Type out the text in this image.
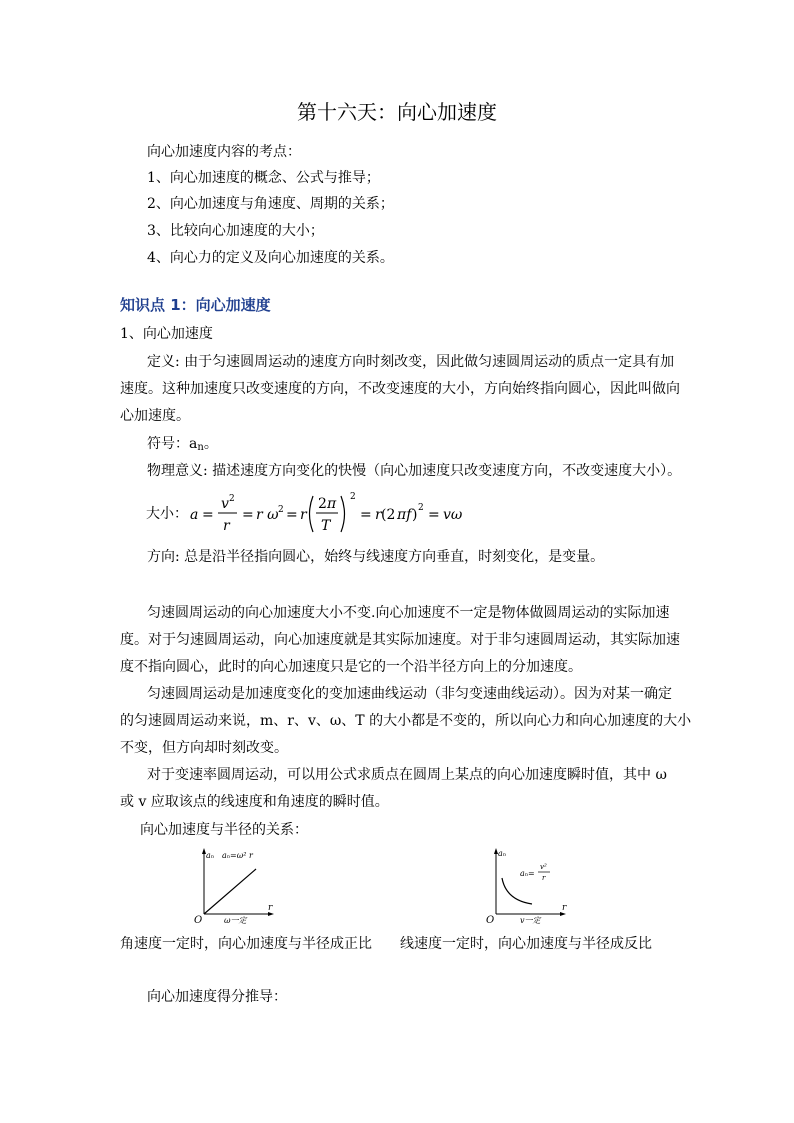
第十六天：向心加速度
向心加速度内容的考点：
1、向心加速度的概念、公式与推导；
2、向心加速度与角速度、周期的关系；
3、比较向心加速度的大小；
4、向心力的定义及向心加速度的关系。
知识点 1：向心加速度
1、向心加速度
定义: 由于匀速圆周运动的速度方向时刻改变，因此做匀速圆周运动的质点一定具有加
速度。这种加速度只改变速度的方向，不改变速度的大小，方向始终指向圆心，因此叫做向
心加速度。
符号：$a_n$。
物理意义: 描述速度方向变化的快慢（向心加速度只改变速度方向，不改变速度大小）。
大小： a =
v 2
r
= r ω 2 = r
2 π
T
2
= r (2 πf ) 2 = vω
方向: 总是沿半径指向圆心，始终与线速度方向垂直，时刻变化，是变量。
匀速圆周运动的向心加速度大小不变.向心加速度不一定是物体做圆周运动的实际加速
度。对于匀速圆周运动，向心加速度就是其实际加速度。对于非匀速圆周运动，其实际加速
度不指向圆心，此时的向心加速度只是它的一个沿半径方向上的分加速度。
匀速圆周运动是加速度变化的变加速曲线运动（非匀变速曲线运动）。因为对某一确定
的匀速圆周运动来说，m、r、v、ω、T 的大小都是不变的，所以向心力和向心加速度的大小
不变，但方向却时刻改变。
对于变速率圆周运动，可以用公式求质点在圆周上某点的向心加速度瞬时值，其中 ω
或 v 应取该点的线速度和角速度的瞬时值。
向心加速度与半径的关系：
aₙ aₙ=ω² r
O
r
ω一定
aₙ
aₙ=
v²
r
O
r
v一定
角速度一定时，向心加速度与半径成正比 线速度一定时，向心加速度与半径成反比
向心加速度得分推导：
